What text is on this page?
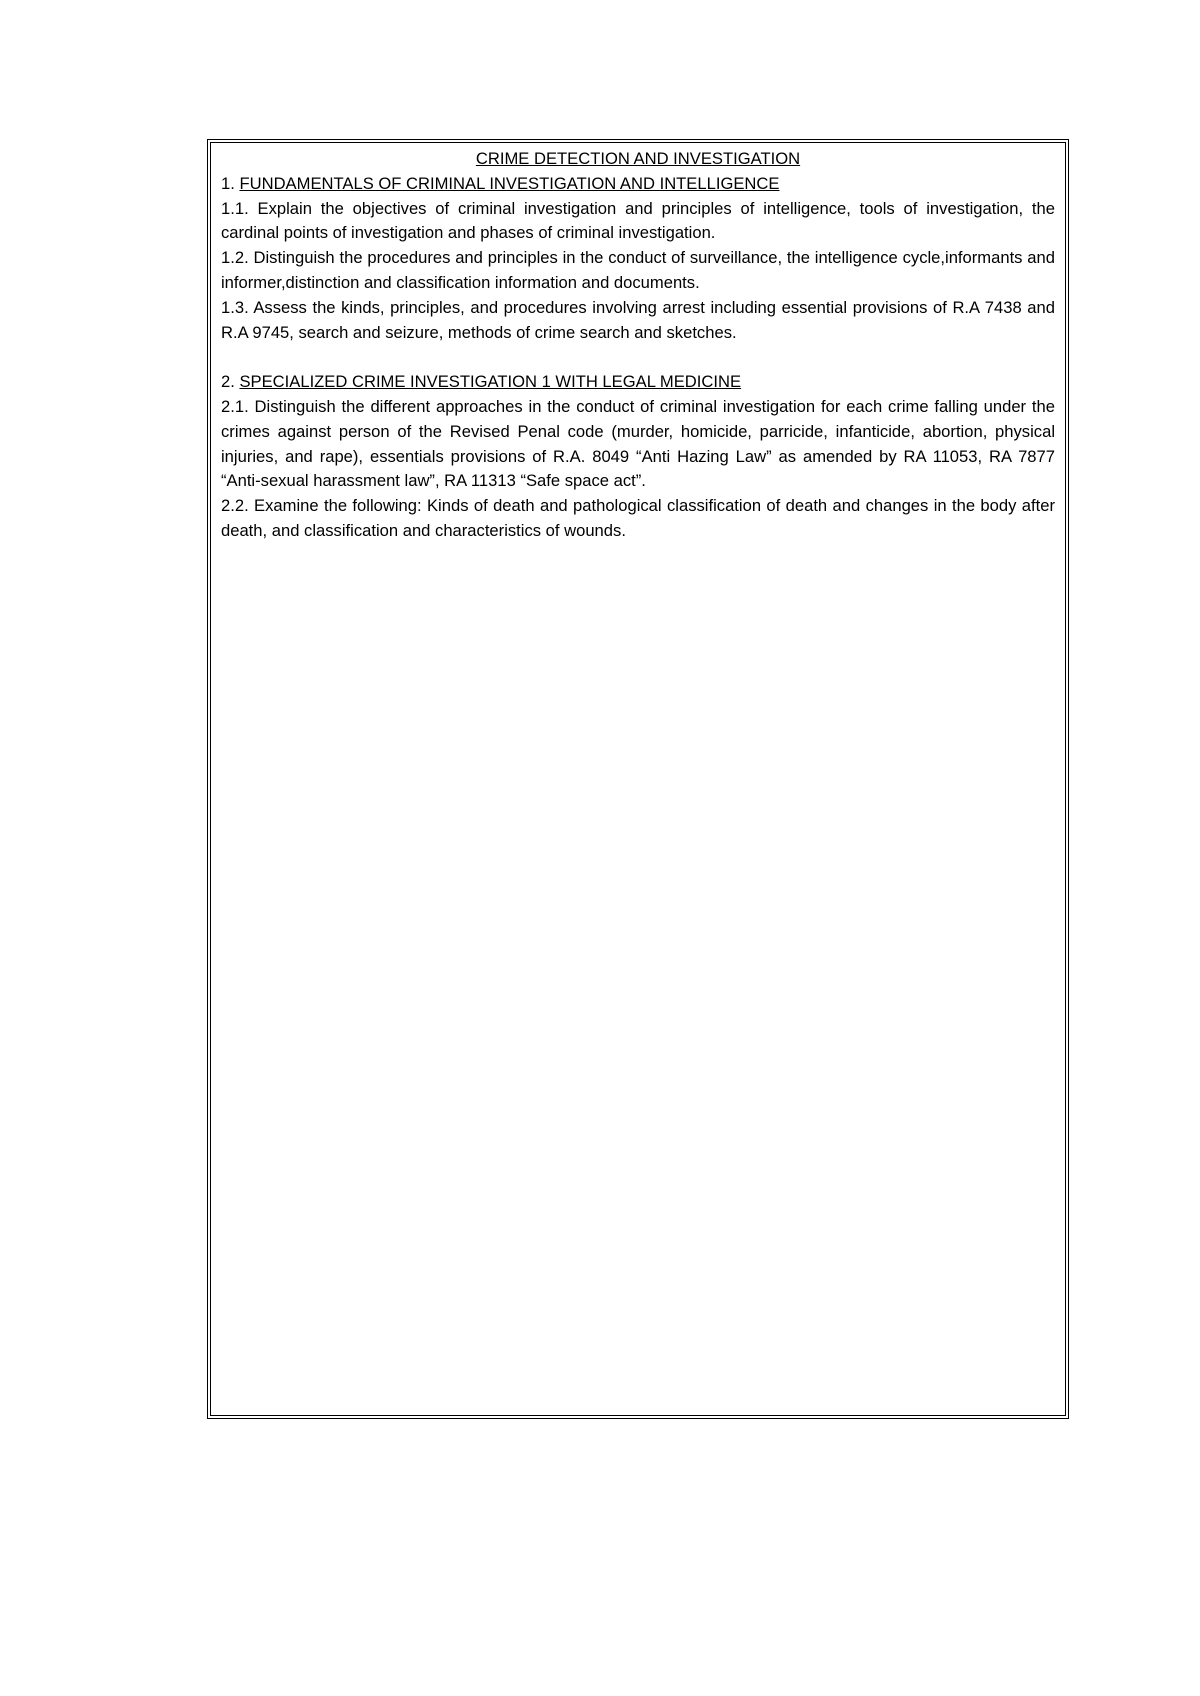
CRIME DETECTION AND INVESTIGATION

1. FUNDAMENTALS OF CRIMINAL INVESTIGATION AND INTELLIGENCE

1.1. Explain the objectives of criminal investigation and principles of intelligence, tools of investigation, the cardinal points of investigation and phases of criminal investigation.

1.2. Distinguish the procedures and principles in the conduct of surveillance, the intelligence cycle,informants and informer,distinction and classification information and documents.

1.3. Assess the kinds, principles, and procedures involving arrest including essential provisions of R.A 7438 and R.A 9745, search and seizure, methods of crime search and sketches.

2. SPECIALIZED CRIME INVESTIGATION 1 WITH LEGAL MEDICINE

2.1. Distinguish the different approaches in the conduct of criminal investigation for each crime falling under the crimes against person of the Revised Penal code (murder, homicide, parricide, infanticide, abortion, physical injuries, and rape), essentials provisions of R.A. 8049 “Anti Hazing Law” as amended by RA 11053, RA 7877 “Anti-sexual harassment law”, RA 11313 “Safe space act”.

2.2. Examine the following: Kinds of death and pathological classification of death and changes in the body after death, and classification and characteristics of wounds.
